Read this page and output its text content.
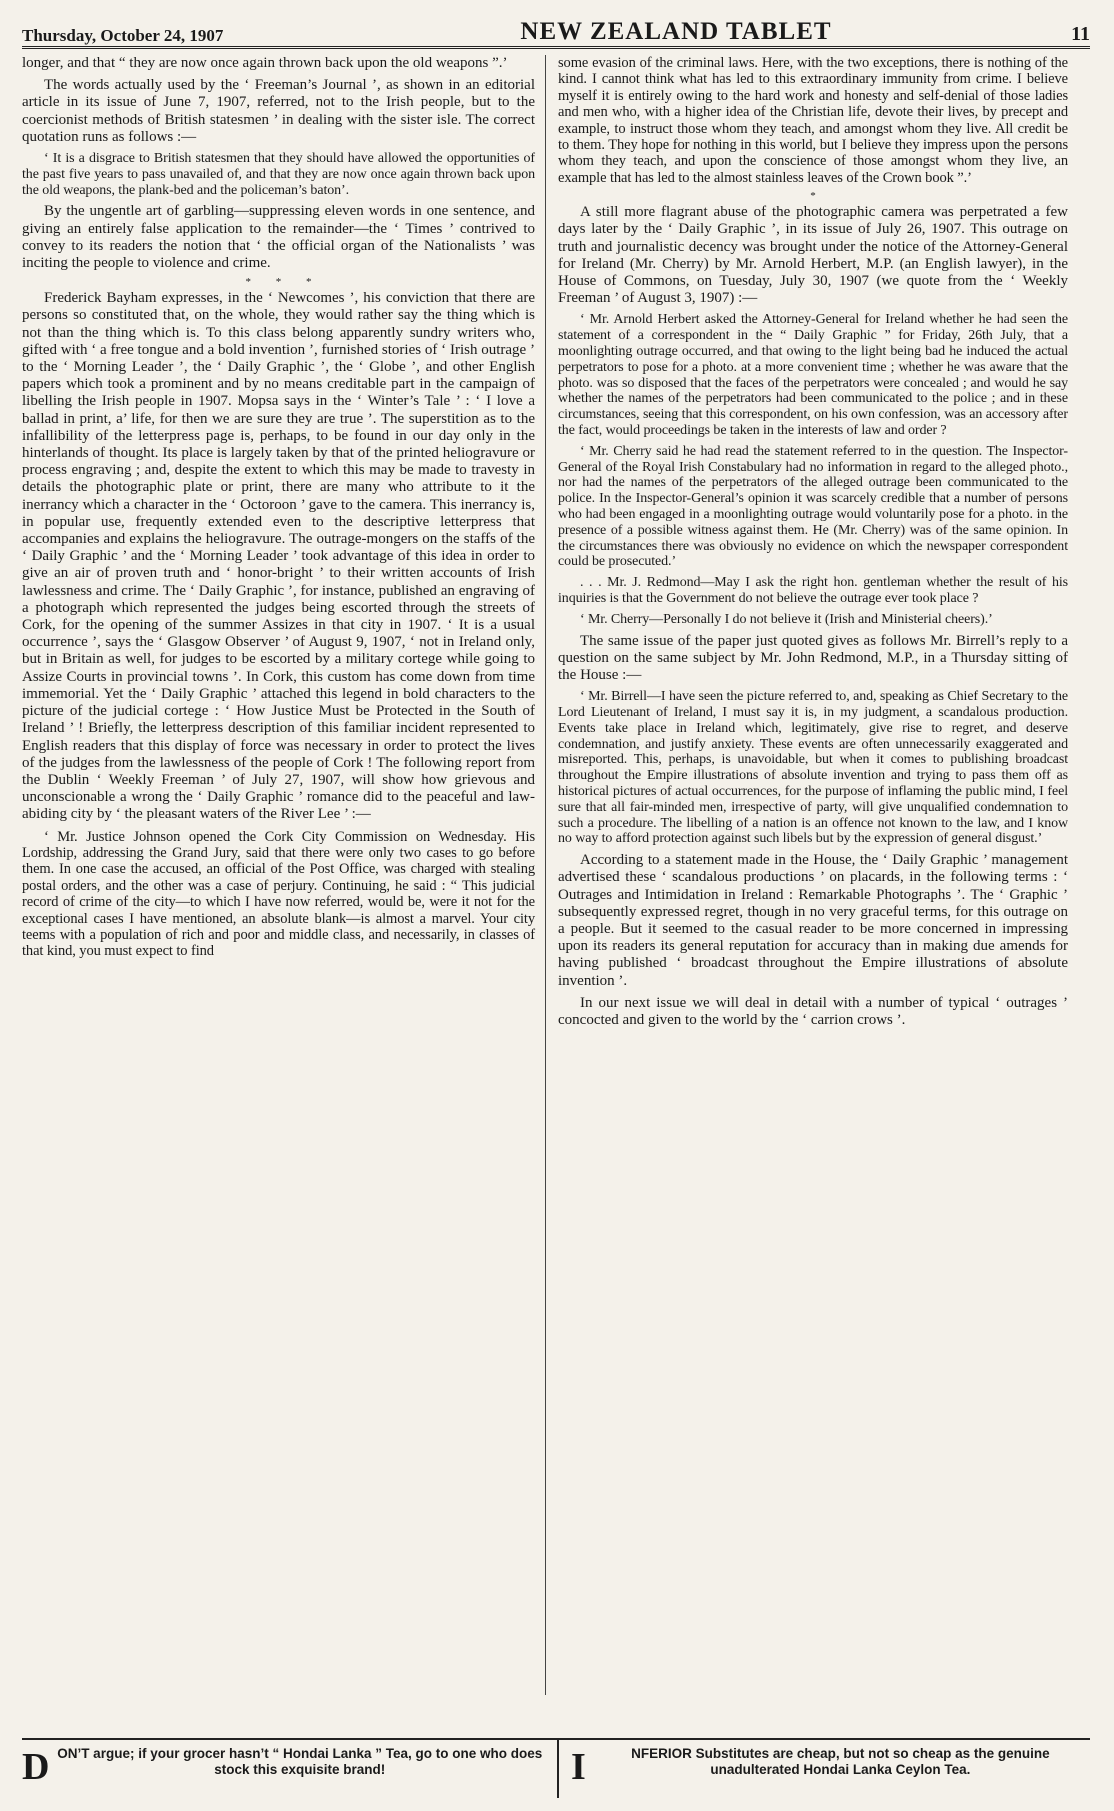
Thursday, October 24, 1907	NEW ZEALAND TABLET	11

longer, and that “ they are now once again thrown back upon the old weapons ”.’

The words actually used by the ‘ Freeman’s Journal ’, as shown in an editorial article in its issue of June 7, 1907, referred, not to the Irish people, but to the coercionist methods of British statesmen ’ in dealing with the sister isle. The correct quotation runs as follows :—

‘ It is a disgrace to British statesmen that they should have allowed the opportunities of the past five years to pass unavailed of, and that they are now once again thrown back upon the old weapons, the plank-bed and the policeman’s baton’.

By the ungentle art of garbling—suppressing eleven words in one sentence, and giving an entirely false application to the remainder—the ‘ Times ’ contrived to convey to its readers the notion that ‘ the official organ of the Nationalists ’ was inciting the people to violence and crime.

*         *         *

Frederick Bayham expresses, in the ‘ Newcomes ’, his conviction that there are persons so constituted that, on the whole, they would rather say the thing which is not than the thing which is. To this class belong apparently sundry writers who, gifted with ‘ a free tongue and a bold invention ’, furnished stories of ‘ Irish outrage ’ to the ‘ Morning Leader ’, the ‘ Daily Graphic ’, the ‘ Globe ’, and other English papers which took a prominent and by no means creditable part in the campaign of libelling the Irish people in 1907. Mopsa says in the ‘ Winter’s Tale ’ : ‘ I love a ballad in print, a’ life, for then we are sure they are true ’. The superstition as to the infallibility of the letterpress page is, perhaps, to be found in our day only in the hinterlands of thought. Its place is largely taken by that of the printed heliogravure or process engraving ; and, despite the extent to which this may be made to travesty in details the photographic plate or print, there are many who attribute to it the inerrancy which a character in the ‘ Octoroon ’ gave to the camera. This inerrancy is, in popular use, frequently extended even to the descriptive letterpress that accompanies and explains the heliogravure. The outrage-mongers on the staffs of the ‘ Daily Graphic ’ and the ‘ Morning Leader ’ took advantage of this idea in order to give an air of proven truth and ‘ honor-bright ’ to their written accounts of Irish lawlessness and crime. The ‘ Daily Graphic ’, for instance, published an engraving of a photograph which represented the judges being escorted through the streets of Cork, for the opening of the summer Assizes in that city in 1907. ‘ It is a usual occurrence ’, says the ‘ Glasgow Observer ’ of August 9, 1907, ‘ not in Ireland only, but in Britain as well, for judges to be escorted by a military cortege while going to Assize Courts in provincial towns ’. In Cork, this custom has come down from time immemorial. Yet the ‘ Daily Graphic ’ attached this legend in bold characters to the picture of the judicial cortege : ‘ How Justice Must be Protected in the South of Ireland ’ ! Briefly, the letterpress description of this familiar incident represented to English readers that this display of force was necessary in order to protect the lives of the judges from the lawlessness of the people of Cork ! The following report from the Dublin ‘ Weekly Freeman ’ of July 27, 1907, will show how grievous and unconscionable a wrong the ‘ Daily Graphic ’ romance did to the peaceful and law-abiding city by ‘ the pleasant waters of the River Lee ’ :—

‘ Mr. Justice Johnson opened the Cork City Commission on Wednesday. His Lordship, addressing the Grand Jury, said that there were only two cases to go before them. In one case the accused, an official of the Post Office, was charged with stealing postal orders, and the other was a case of perjury. Continuing, he said : “ This judicial record of crime of the city—to which I have now referred, would be, were it not for the exceptional cases I have mentioned, an absolute blank—is almost a marvel. Your city teems with a population of rich and poor and middle class, and necessarily, in classes of that kind, you must expect to find

some evasion of the criminal laws. Here, with the two exceptions, there is nothing of the kind. I cannot think what has led to this extraordinary immunity from crime. I believe myself it is entirely owing to the hard work and honesty and self-denial of those ladies and men who, with a higher idea of the Christian life, devote their lives, by precept and example, to instruct those whom they teach, and amongst whom they live. All credit be to them. They hope for nothing in this world, but I believe they impress upon the persons whom they teach, and upon the conscience of those amongst whom they live, an example that has led to the almost stainless leaves of the Crown book ”.’

*

A still more flagrant abuse of the photographic camera was perpetrated a few days later by the ‘ Daily Graphic ’, in its issue of July 26, 1907. This outrage on truth and journalistic decency was brought under the notice of the Attorney-General for Ireland (Mr. Cherry) by Mr. Arnold Herbert, M.P. (an English lawyer), in the House of Commons, on Tuesday, July 30, 1907 (we quote from the ‘ Weekly Freeman ’ of August 3, 1907) :—

‘ Mr. Arnold Herbert asked the Attorney-General for Ireland whether he had seen the statement of a correspondent in the “ Daily Graphic ” for Friday, 26th July, that a moonlighting outrage occurred, and that owing to the light being bad he induced the actual perpetrators to pose for a photo. at a more convenient time ; whether he was aware that the photo. was so disposed that the faces of the perpetrators were concealed ; and would he say whether the names of the perpetrators had been communicated to the police ; and in these circumstances, seeing that this correspondent, on his own confession, was an accessory after the fact, would proceedings be taken in the interests of law and order ?

‘ Mr. Cherry said he had read the statement referred to in the question. The Inspector-General of the Royal Irish Constabulary had no information in regard to the alleged photo., nor had the names of the perpetrators of the alleged outrage been communicated to the police. In the Inspector-General’s opinion it was scarcely credible that a number of persons who had been engaged in a moonlighting outrage would voluntarily pose for a photo. in the presence of a possible witness against them. He (Mr. Cherry) was of the same opinion. In the circumstances there was obviously no evidence on which the newspaper correspondent could be prosecuted.’

. . . Mr. J. Redmond—May I ask the right hon. gentleman whether the result of his inquiries is that the Government do not believe the outrage ever took place ?

‘ Mr. Cherry—Personally I do not believe it (Irish and Ministerial cheers).’

The same issue of the paper just quoted gives as follows Mr. Birrell’s reply to a question on the same subject by Mr. John Redmond, M.P., in a Thursday sitting of the House :—

‘ Mr. Birrell—I have seen the picture referred to, and, speaking as Chief Secretary to the Lord Lieutenant of Ireland, I must say it is, in my judgment, a scandalous production. Events take place in Ireland which, legitimately, give rise to regret, and deserve condemnation, and justify anxiety. These events are often unnecessarily exaggerated and misreported. This, perhaps, is unavoidable, but when it comes to publishing broadcast throughout the Empire illustrations of absolute invention and trying to pass them off as historical pictures of actual occurrences, for the purpose of inflaming the public mind, I feel sure that all fair-minded men, irrespective of party, will give unqualified condemnation to such a procedure. The libelling of a nation is an offence not known to the law, and I know no way to afford protection against such libels but by the expression of general disgust.’

According to a statement made in the House, the ‘ Daily Graphic ’ management advertised these ‘ scandalous productions ’ on placards, in the following terms : ‘ Outrages and Intimidation in Ireland : Remarkable Photographs ’. The ‘ Graphic ’ subsequently expressed regret, though in no very graceful terms, for this outrage on a people. But it seemed to the casual reader to be more concerned in impressing upon its readers its general reputation for accuracy than in making due amends for having published ‘ broadcast throughout the Empire illustrations of absolute invention ’.

In our next issue we will deal in detail with a number of typical ‘ outrages ’ concocted and given to the world by the ‘ carrion crows ’.

D ON’T argue; if your grocer hasn’t “ Hondai Lanka ” Tea, go to one who does stock this exquisite brand!	I	NFERIOR Substitutes are cheap, but not so cheap as the genuine unadulterated Hondai Lanka Ceylon Tea.
